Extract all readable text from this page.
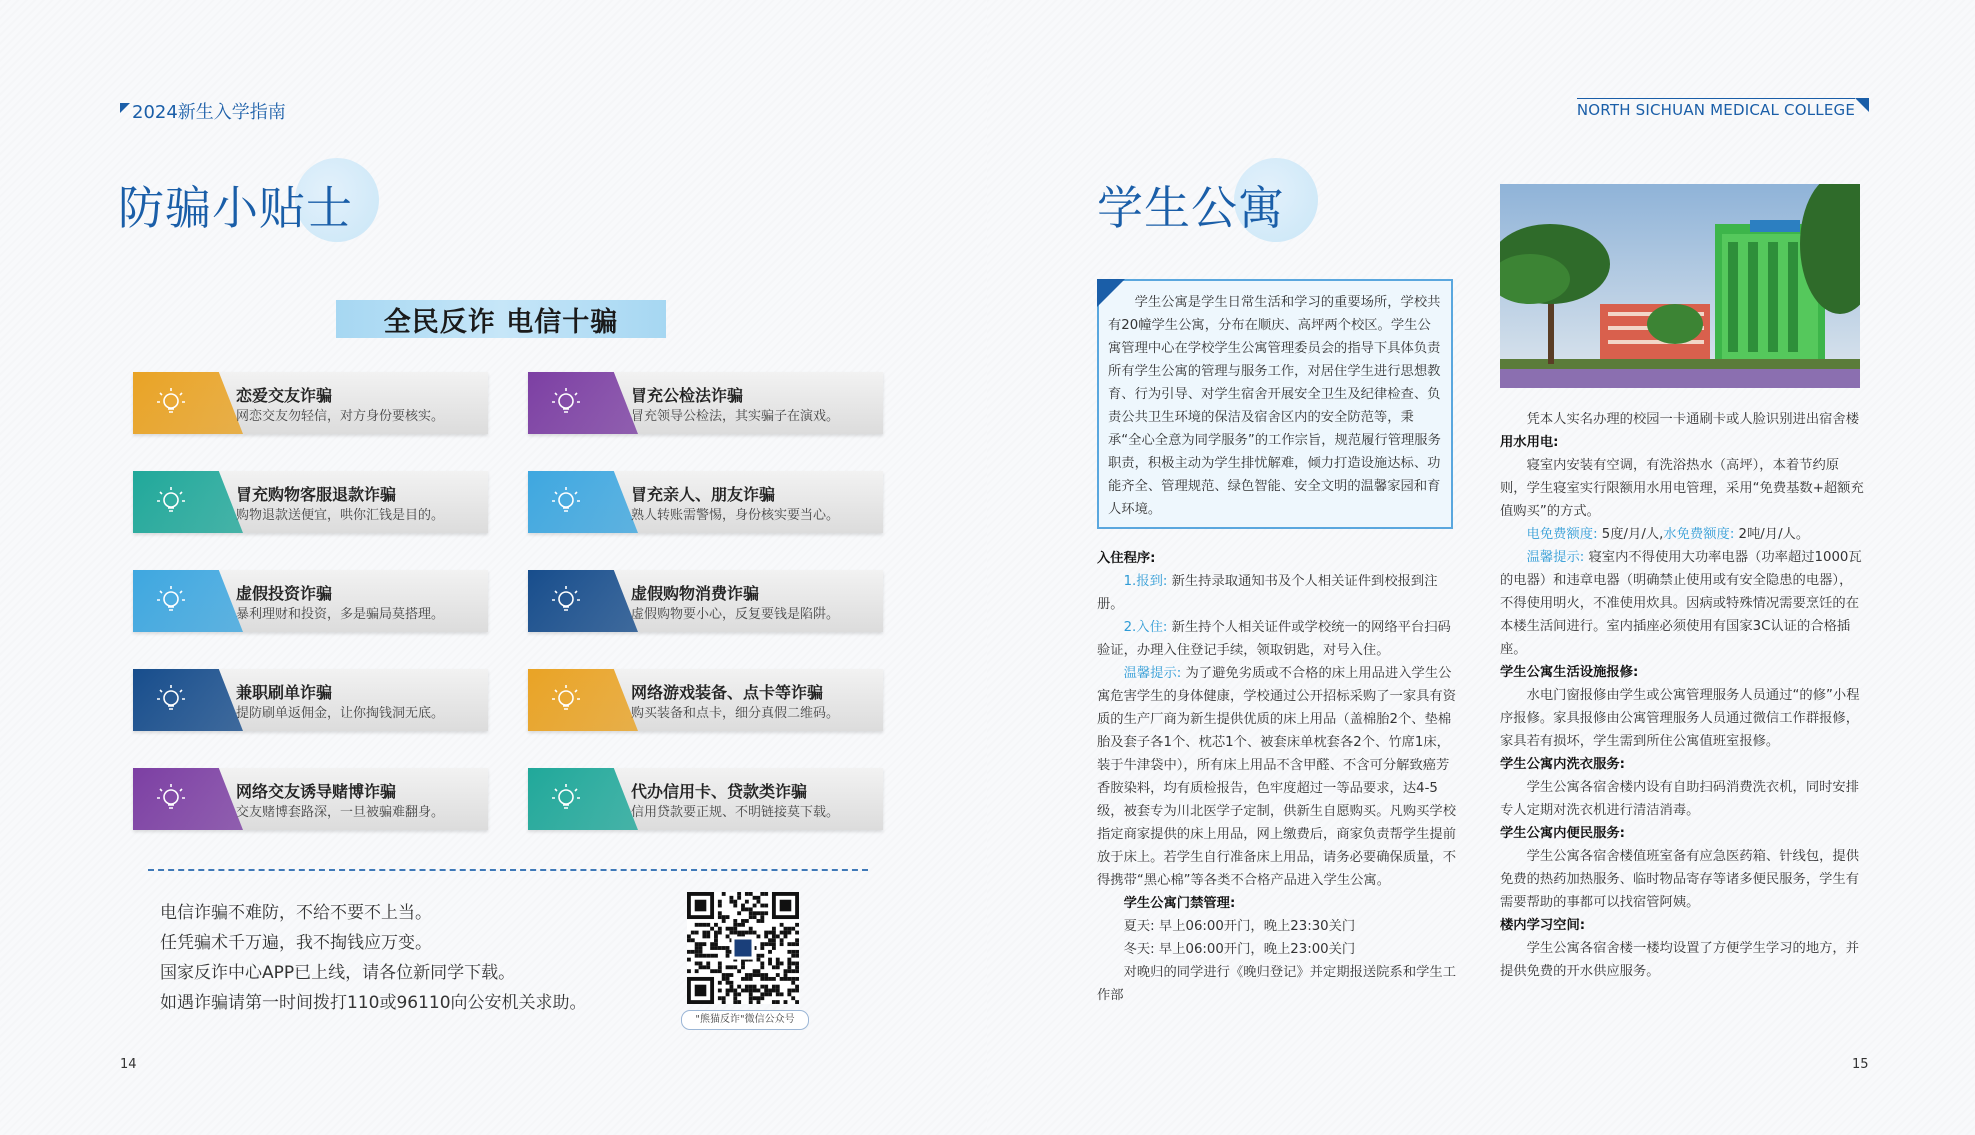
2024新生入学指南
防骗小贴士
全民反诈 电信十骗
恋爱交友诈骗
网恋交友勿轻信，对方身份要核实。
冒充公检法诈骗
冒充领导公检法，其实骗子在演戏。
冒充购物客服退款诈骗
购物退款送便宜，哄你汇钱是目的。
冒充亲人、朋友诈骗
熟人转账需警惕，身份核实要当心。
虚假投资诈骗
暴利理财和投资，多是骗局莫搭理。
虚假购物消费诈骗
虚假购物要小心，反复要钱是陷阱。
兼职刷单诈骗
提防刷单返佣金，让你掏钱洞无底。
网络游戏装备、点卡等诈骗
购买装备和点卡，细分真假二维码。
网络交友诱导赌博诈骗
交友赌博套路深，一旦被骗难翻身。
代办信用卡、贷款类诈骗
信用贷款要正规、不明链接莫下载。
电信诈骗不难防，不给不要不上当。
任凭骗术千万遍，我不掏钱应万变。
国家反诈中心APP已上线，请各位新同学下载。
如遇诈骗请第一时间拨打110或96110向公安机关求助。
"熊猫反诈"微信公众号
14
NORTH SICHUAN MEDICAL COLLEGE
学生公寓

学生公寓是学生日常生活和学习的重要场所，学校共有20幢学生公寓，分布在顺庆、高坪两个校区。学生公寓管理中心在学校学生公寓管理委员会的指导下具体负责所有学生公寓的管理与服务工作，对居住学生进行思想教育、行为引导、对学生宿舍开展安全卫生及纪律检查、负责公共卫生环境的保洁及宿舍区内的安全防范等，秉承“全心全意为同学服务”的工作宗旨，规范履行管理服务职责，积极主动为学生排忧解难，倾力打造设施达标、功能齐全、管理规范、绿色智能、安全文明的温馨家园和育人环境。

入住程序:
1.报到: 新生持录取通知书及个人相关证件到校报到注册。
2.入住: 新生持个人相关证件或学校统一的网络平台扫码验证，办理入住登记手续，领取钥匙，对号入住。
温馨提示: 为了避免劣质或不合格的床上用品进入学生公寓危害学生的身体健康，学校通过公开招标采购了一家具有资质的生产厂商为新生提供优质的床上用品（盖棉胎2个、垫棉胎及套子各1个、枕芯1个、被套床单枕套各2个、竹席1床，装于牛津袋中），所有床上用品不含甲醛、不含可分解致癌芳香胺染料，均有质检报告，色牢度超过一等品要求，达4-5级，被套专为川北医学子定制，供新生自愿购买。凡购买学校指定商家提供的床上用品，网上缴费后，商家负责帮学生提前放于床上。若学生自行准备床上用品，请务必要确保质量，不得携带“黑心棉”等各类不合格产品进入学生公寓。
学生公寓门禁管理:
夏天: 早上06:00开门，晚上23:30关门
冬天: 早上06:00开门，晚上23:00关门
对晚归的同学进行《晚归登记》并定期报送院系和学生工作部
凭本人实名办理的校园一卡通刷卡或人脸识别进出宿舍楼
用水用电:
寝室内安装有空调，有洗浴热水（高坪），本着节约原则，学生寝室实行限额用水用电管理，采用“免费基数+超额充值购买”的方式。
电免费额度: 5度/月/人,水免费额度: 2吨/月/人。
温馨提示: 寝室内不得使用大功率电器（功率超过1000瓦的电器）和违章电器（明确禁止使用或有安全隐患的电器），不得使用明火，不准使用炊具。因病或特殊情况需要烹饪的在本楼生活间进行。室内插座必须使用有国家3C认证的合格插座。
学生公寓生活设施报修:
水电门窗报修由学生或公寓管理服务人员通过“的修”小程序报修。家具报修由公寓管理服务人员通过微信工作群报修，家具若有损坏，学生需到所住公寓值班室报修。
学生公寓内洗衣服务:
学生公寓各宿舍楼内设有自助扫码消费洗衣机，同时安排专人定期对洗衣机进行清洁消毒。
学生公寓内便民服务:
学生公寓各宿舍楼值班室备有应急医药箱、针线包，提供免费的热药加热服务、临时物品寄存等诸多便民服务，学生有需要帮助的事都可以找宿管阿姨。
楼内学习空间:
学生公寓各宿舍楼一楼均设置了方便学生学习的地方，并提供免费的开水供应服务。
15
